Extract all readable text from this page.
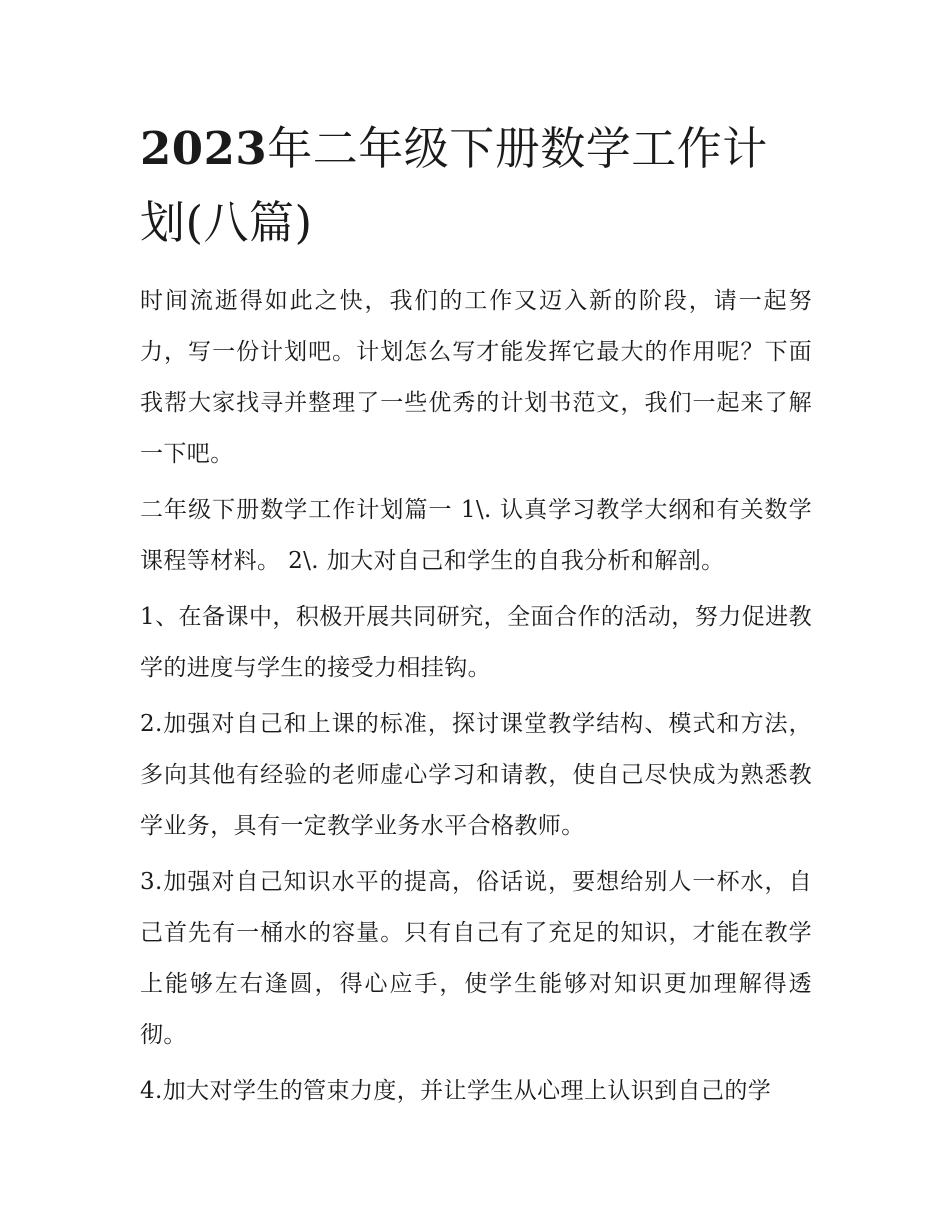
2023年二年级下册数学工作计划(八篇)

时间流逝得如此之快，我们的工作又迈入新的阶段，请一起努力，写一份计划吧。计划怎么写才能发挥它最大的作用呢？下面我帮大家找寻并整理了一些优秀的计划书范文，我们一起来了解一下吧。

二年级下册数学工作计划篇一 1\. 认真学习教学大纲和有关数学课程等材料。 2\. 加大对自己和学生的自我分析和解剖。

1、在备课中，积极开展共同研究，全面合作的活动，努力促进教学的进度与学生的接受力相挂钩。

2.加强对自己和上课的标准，探讨课堂教学结构、模式和方法，多向其他有经验的老师虚心学习和请教，使自己尽快成为熟悉教学业务，具有一定教学业务水平合格教师。

3.加强对自己知识水平的提高，俗话说，要想给别人一杯水，自己首先有一桶水的容量。只有自己有了充足的知识，才能在教学上能够左右逢圆，得心应手，使学生能够对知识更加理解得透彻。

4.加大对学生的管束力度，并让学生从心理上认识到自己的学
